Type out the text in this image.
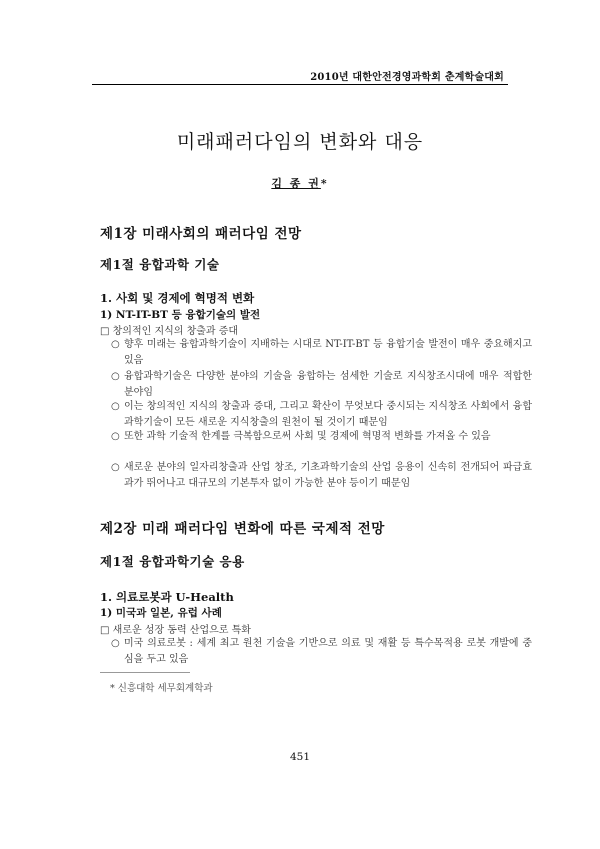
2010년 대한안전경영과학회 춘계학술대회
미래패러다임의 변화와 대응
김 종 권*
제1장 미래사회의 패러다임 전망
제1절 융합과학 기술
1. 사회 및 경제에 혁명적 변화
1) NT-IT-BT 등 융합기술의 발전
□ 창의적인 지식의 창출과 증대
○ 향후 미래는 융합과학기술이 지배하는 시대로 NT-IT-BT 등 융합기술 발전이 매우 중요해지고 있음
○ 융합과학기술은 다양한 분야의 기술을 융합하는 섬세한 기술로 지식창조시대에 매우 적합한 분야임
○ 이는 창의적인 지식의 창출과 증대, 그리고 확산이 무엇보다 중시되는 지식창조 사회에서 융합과학기술이 모든 새로운 지식창출의 원천이 될 것이기 때문임
○ 또한 과학 기술적 한계를 극복함으로써 사회 및 경제에 혁명적 변화를 가져올 수 있음
○ 새로운 분야의 일자리창출과 산업 창조, 기초과학기술의 산업 응용이 신속히 전개되어 파급효과가 뛰어나고 대규모의 기본투자 없이 가능한 분야 등이기 때문임
제2장 미래 패러다임 변화에 따른 국제적 전망
제1절 융합과학기술 응용
1. 의료로봇과 U-Health
1) 미국과 일본, 유럽 사례
□ 새로운 성장 동력 산업으로 특화
○ 미국 의료로봇 : 세계 최고 원천 기술을 기반으로 의료 및 재활 등 특수목적용 로봇 개발에 중심을 두고 있음
* 신흥대학 세무회계학과
451
